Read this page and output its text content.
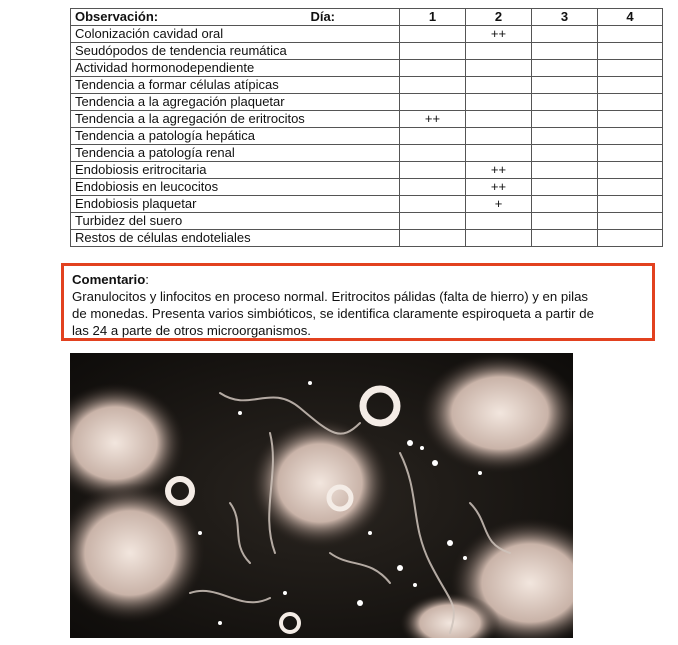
Observación: Día:	1	2	3	4
Colonización cavidad oral		++		
Seudópodos de tendencia reumática				
Actividad hormonodependiente				
Tendencia a formar células atípicas				
Tendencia a la agregación plaquetar				
Tendencia a la agregación de eritrocitos	++			
Tendencia a patología hepática				
Tendencia a patología renal				
Endobiosis eritrocitaria		++		
Endobiosis en leucocitos		++		
Endobiosis plaquetar		+		
Turbidez del suero				
Restos de células endoteliales				
Comentario:
Granulocitos y linfocitos en proceso normal. Eritrocitos pálidas (falta de hierro) y en pilas
de monedas. Presenta varios simbióticos, se identifica claramente espiroqueta a partir de
las 24 a parte de otros microorganismos.
